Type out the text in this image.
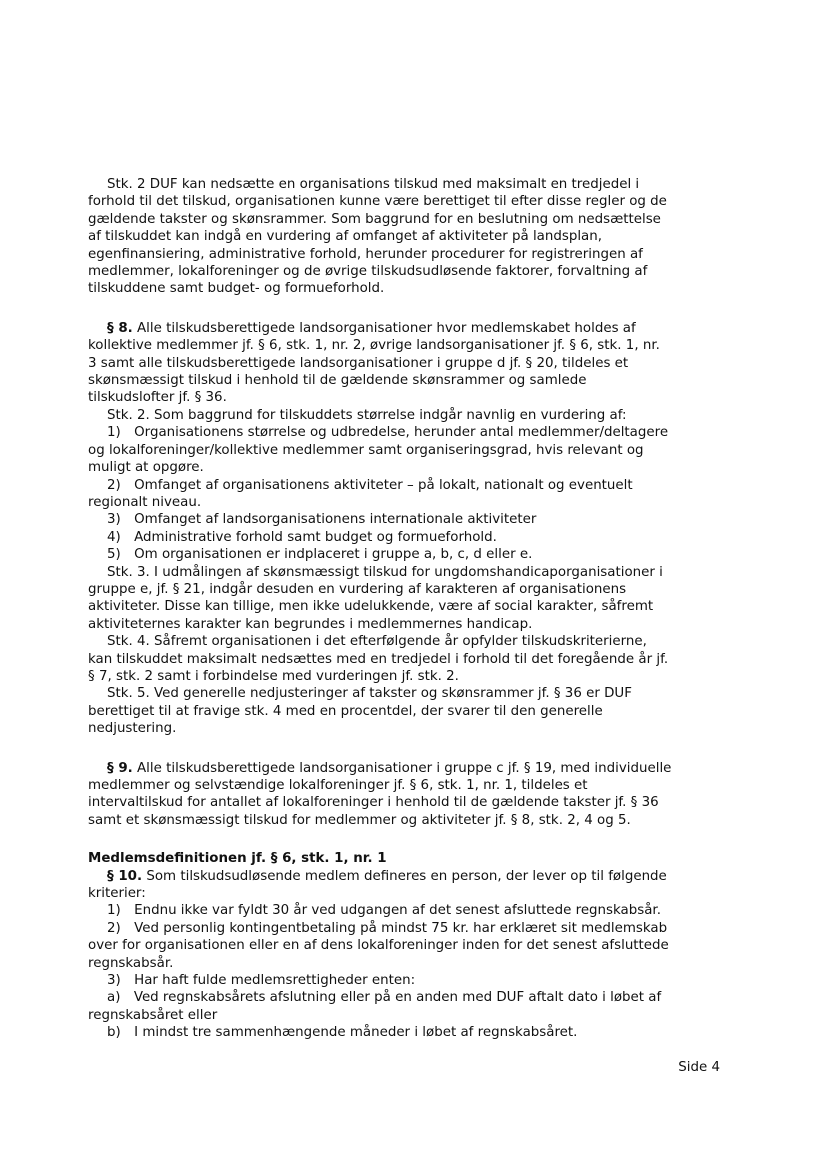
Stk. 2 DUF kan nedsætte en organisations tilskud med maksimalt en tredjedel i forhold til det tilskud, organisationen kunne være berettiget til efter disse regler og de gældende takster og skønsrammer. Som baggrund for en beslutning om nedsættelse af tilskuddet kan indgå en vurdering af omfanget af aktiviteter på landsplan, egenfinansiering, administrative forhold, herunder procedurer for registreringen af medlemmer, lokalforeninger og de øvrige tilskudsudløsende faktorer, forvaltning af tilskuddene samt budget- og formueforhold.

§ 8. Alle tilskudsberettigede landsorganisationer hvor medlemskabet holdes af kollektive medlemmer jf. § 6, stk. 1, nr. 2, øvrige landsorganisationer jf. § 6, stk. 1, nr. 3 samt alle tilskudsberettigede landsorganisationer i gruppe d jf. § 20, tildeles et skønsmæssigt tilskud i henhold til de gældende skønsrammer og samlede tilskudslofter jf. § 36.

Stk. 2. Som baggrund for tilskuddets størrelse indgår navnlig en vurdering af:

1) Organisationens størrelse og udbredelse, herunder antal medlemmer/deltagere og lokalforeninger/kollektive medlemmer samt organiseringsgrad, hvis relevant og muligt at opgøre.

2) Omfanget af organisationens aktiviteter – på lokalt, nationalt og eventuelt regionalt niveau.

3) Omfanget af landsorganisationens internationale aktiviteter

4) Administrative forhold samt budget og formueforhold.

5) Om organisationen er indplaceret i gruppe a, b, c, d eller e.

Stk. 3. I udmålingen af skønsmæssigt tilskud for ungdomshandicaporganisationer i gruppe e, jf. § 21, indgår desuden en vurdering af karakteren af organisationens aktiviteter. Disse kan tillige, men ikke udelukkende, være af social karakter, såfremt aktiviteternes karakter kan begrundes i medlemmernes handicap.

Stk. 4. Såfremt organisationen i det efterfølgende år opfylder tilskudskriterierne, kan tilskuddet maksimalt nedsættes med en tredjedel i forhold til det foregående år jf. § 7, stk. 2 samt i forbindelse med vurderingen jf. stk. 2.

Stk. 5. Ved generelle nedjusteringer af takster og skønsrammer jf. § 36 er DUF berettiget til at fravige stk. 4 med en procentdel, der svarer til den generelle nedjustering.

§ 9. Alle tilskudsberettigede landsorganisationer i gruppe c jf. § 19, med individuelle medlemmer og selvstændige lokalforeninger jf. § 6, stk. 1, nr. 1, tildeles et intervaltilskud for antallet af lokalforeninger i henhold til de gældende takster jf. § 36 samt et skønsmæssigt tilskud for medlemmer og aktiviteter jf. § 8, stk. 2, 4 og 5.

Medlemsdefinitionen jf. § 6, stk. 1, nr. 1

§ 10. Som tilskudsudløsende medlem defineres en person, der lever op til følgende kriterier:

1) Endnu ikke var fyldt 30 år ved udgangen af det senest afsluttede regnskabsår.

2) Ved personlig kontingentbetaling på mindst 75 kr. har erklæret sit medlemskab over for organisationen eller en af dens lokalforeninger inden for det senest afsluttede regnskabsår.

3) Har haft fulde medlemsrettigheder enten:

a) Ved regnskabsårets afslutning eller på en anden med DUF aftalt dato i løbet af regnskabsåret eller

b) I mindst tre sammenhængende måneder i løbet af regnskabsåret.

Side 4
